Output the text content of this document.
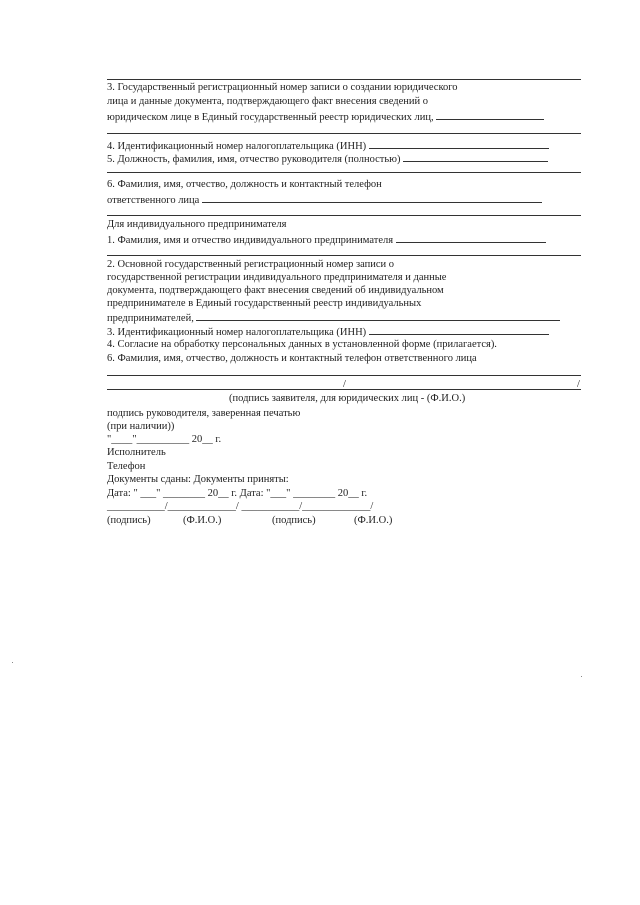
3. Государственный регистрационный номер записи о создании юридического
лица и данные документа, подтверждающего факт внесения сведений о
юридическом лице в Единый государственный реестр юридических лиц,
4. Идентификационный номер налогоплательщика (ИНН)
5. Должность, фамилия, имя, отчество руководителя (полностью)
6. Фамилия, имя, отчество, должность и контактный телефон
ответственного лица
Для индивидуального предпринимателя
1. Фамилия, имя и отчество индивидуального предпринимателя
2. Основной государственный регистрационный номер записи о
государственной регистрации индивидуального предпринимателя и данные
документа, подтверждающего факт внесения сведений об индивидуальном
предпринимателе в Единый государственный реестр индивидуальных
предпринимателей,
3. Идентификационный номер налогоплательщика (ИНН)
4. Согласие на обработку персональных данных в установленной форме (прилагается).
6. Фамилия, имя, отчество, должность и контактный телефон ответственного лица
/	/
(подпись заявителя, для юридических лиц - (Ф.И.О.)
подпись руководителя, заверенная печатью
(при наличии))
"____"__________ 20__ г.
Исполнитель
Телефон
Документы сданы: Документы приняты:
Дата: " ___" ________ 20__ г. Дата: "___" ________ 20__ г.
___________/_____________/ ___________/_____________/
(подпись)	(Ф.И.О.)	(подпись)	(Ф.И.О.)
